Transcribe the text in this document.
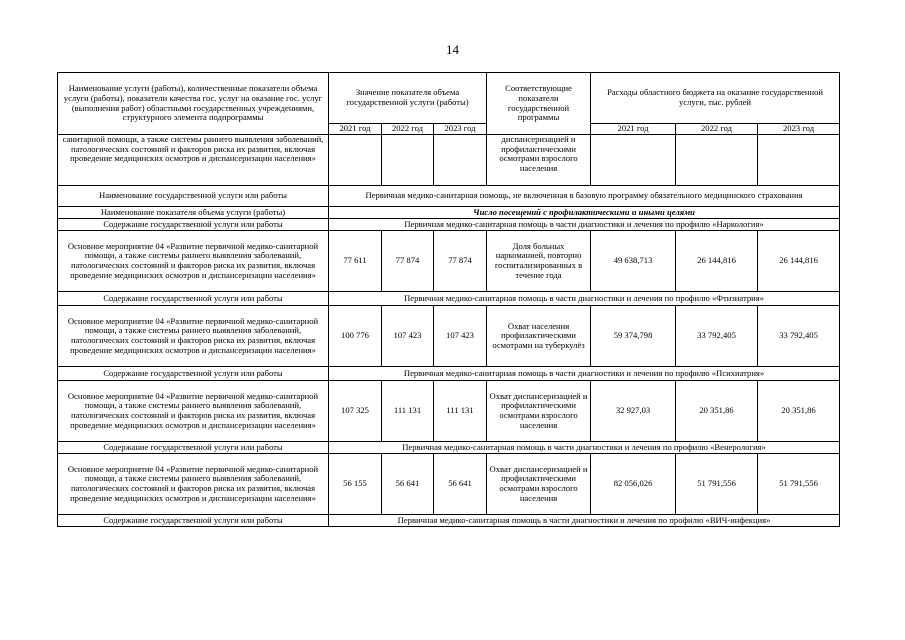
14
Наименование услуги (работы), количественные показатели объема услуги (работы), показатели качества гос. услуг на оказание гос. услуг (выполнения работ) областными государственных учреждениями, структурного элемента подпрограммы	Значение показателя объема государственной услуги (работы)			Соответствующие показатели государственной программы	Расходы областного бюджета на оказание государственной услуги, тыс. рублей		
	2021 год	2022 год	2023 год		2021 год	2022 год	2023 год
санитарной помощи, а также системы раннего выявления заболеваний, патологических состояний и факторов риска их развития, включая проведение медицинских осмотров и диспансеризации населения»				диспансеризацией и профилактическими осмотрами взрослого населения			
Наименование государственной услуги или работы	Первичная медико-санитарная помощь, не включенная в базовую программу обязательного медицинского страхования						
Наименование показателя объема услуги (работы)	Число посещений с профилактическими и иными целями						
Содержание государственной услуги или работы	Первичная медико-санитарная помощь в части диагностики и лечения по профилю «Наркология»						
Основное мероприятие 04 «Развитие первичной медико-санитарной помощи, а также системы раннего выявления заболеваний, патологических состояний и факторов риска их развития, включая проведение медицинских осмотров и диспансеризации населения»	77 611	77 874	77 874	Доля больных наркоманией, повторно госпитализированных в течение года	49 638,713	26 144,816	26 144,816
Содержание государственной услуги или работы	Первичная медико-санитарная помощь в части диагностики и лечения по профилю «Фтизиатрия»						
Основное мероприятие 04 «Развитие первичной медико-санитарной помощи, а также системы раннего выявления заболеваний, патологических состояний и факторов риска их развития, включая проведение медицинских осмотров и диспансеризации населения»	100 776	107 423	107 423	Охват населения профилактическими осмотрами на туберкулёз	59 374,798	33 792,405	33 792,405
Содержание государственной услуги или работы	Первичная медико-санитарная помощь в части диагностики и лечения по профилю «Психиатрия»						
Основное мероприятие 04 «Развитие первичной медико-санитарной помощи, а также системы раннего выявления заболеваний, патологических состояний и факторов риска их развития, включая проведение медицинских осмотров и диспансеризации населения»	107 325	111 131	111 131	Охват диспансеризацией и профилактическими осмотрами взрослого населения	32 927,03	20 351,86	20 351,86
Содержание государственной услуги или работы	Первичная медико-санитарная помощь в части диагностики и лечения по профилю «Венерология»						
Основное мероприятие 04 «Развитие первичной медико-санитарной помощи, а также системы раннего выявления заболеваний, патологических состояний и факторов риска их развития, включая проведение медицинских осмотров и диспансеризации населения»	56 155	56 641	56 641	Охват диспансеризацией и профилактическими осмотрами взрослого населения	82 056,026	51 791,556	51 791,556
Содержание государственной услуги или работы	Первичная медико-санитарная помощь в части диагностики и лечения по профилю «ВИЧ-инфекция»						
